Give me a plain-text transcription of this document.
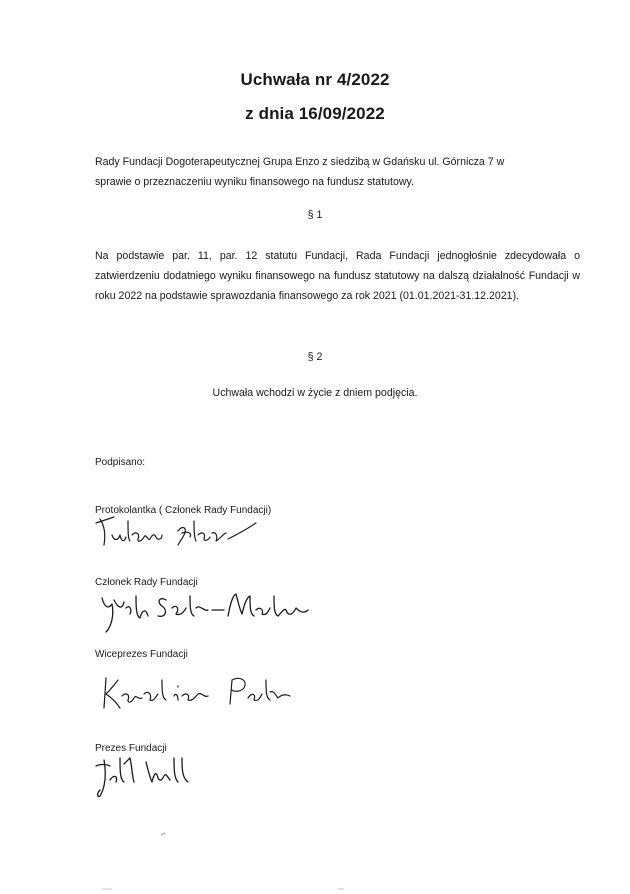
Uchwała nr 4/2022
z dnia 16/09/2022
Rady Fundacji Dogoterapeutycznej Grupa Enzo z siedzibą w Gdańsku ul. Górnicza 7 w sprawie o przeznaczeniu wyniku finansowego na fundusz statutowy.
§ 1
Na podstawie par. 11, par. 12 statutu Fundacji, Rada Fundacji jednogłośnie zdecydowała o zatwierdzeniu dodatniego wyniku finansowego na fundusz statutowy na dalszą działalność Fundacji w roku 2022 na podstawie sprawozdania finansowego za rok 2021 (01.01.2021-31.12.2021).
§ 2
Uchwała wchodzi w życie z dniem podjęcia.
Podpisano:
Protokolantka ( Członek Rady Fundacji)
Członek Rady Fundacji
Wiceprezes Fundacji
Prezes Fundacji
